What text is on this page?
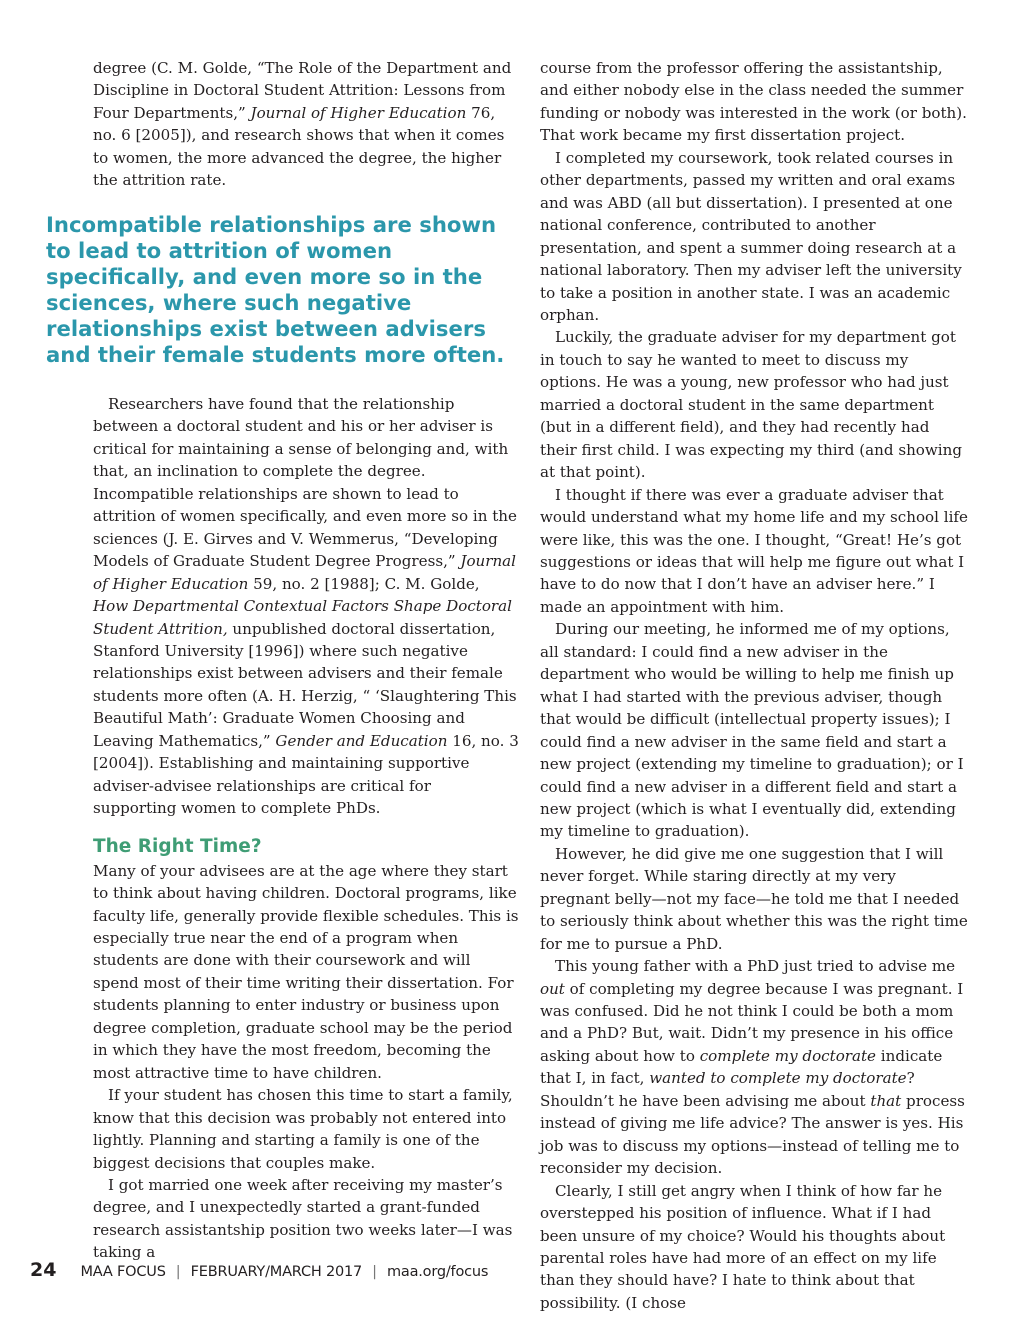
degree (C. M. Golde, “The Role of the Department and Discipline in Doctoral Student Attrition: Lessons from Four Departments,” Journal of Higher Education 76, no. 6 [2005]), and research shows that when it comes to women, the more advanced the degree, the higher the attrition rate.

Incompatible relationships are shown to lead to attrition of women specifically, and even more so in the sciences, where such negative relationships exist between advisers and their female students more often.

Researchers have found that the relationship between a doctoral student and his or her adviser is critical for maintaining a sense of belonging and, with that, an inclination to complete the degree. Incompatible relationships are shown to lead to attrition of women specifically, and even more so in the sciences (J. E. Girves and V. Wemmerus, “Developing Models of Graduate Student Degree Progress,” Journal of Higher Education 59, no. 2 [1988]; C. M. Golde, How Departmental Contextual Factors Shape Doctoral Student Attrition, unpublished doctoral dissertation, Stanford University [1996]) where such negative relationships exist between advisers and their female students more often (A. H. Herzig, “ ‘Slaughtering This Beautiful Math’: Graduate Women Choosing and Leaving Mathematics,” Gender and Education 16, no. 3 [2004]). Establishing and maintaining supportive adviser-advisee relationships are critical for supporting women to complete PhDs.

The Right Time?

Many of your advisees are at the age where they start to think about having children. Doctoral programs, like faculty life, generally provide flexible schedules. This is especially true near the end of a program when students are done with their coursework and will spend most of their time writing their dissertation. For students planning to enter industry or business upon degree completion, graduate school may be the period in which they have the most freedom, becoming the most attractive time to have children.

If your student has chosen this time to start a family, know that this decision was probably not entered into lightly. Planning and starting a family is one of the biggest decisions that couples make.

I got married one week after receiving my master’s degree, and I unexpectedly started a grant-funded research assistantship position two weeks later—I was taking a

course from the professor offering the assistantship, and either nobody else in the class needed the summer funding or nobody was interested in the work (or both). That work became my first dissertation project.

I completed my coursework, took related courses in other departments, passed my written and oral exams and was ABD (all but dissertation). I presented at one national conference, contributed to another presentation, and spent a summer doing research at a national laboratory. Then my adviser left the university to take a position in another state. I was an academic orphan.

Luckily, the graduate adviser for my department got in touch to say he wanted to meet to discuss my options. He was a young, new professor who had just married a doctoral student in the same department (but in a different field), and they had recently had their first child. I was expecting my third (and showing at that point).

I thought if there was ever a graduate adviser that would understand what my home life and my school life were like, this was the one. I thought, “Great! He’s got suggestions or ideas that will help me figure out what I have to do now that I don’t have an adviser here.” I made an appointment with him.

During our meeting, he informed me of my options, all standard: I could find a new adviser in the department who would be willing to help me finish up what I had started with the previous adviser, though that would be difficult (intellectual property issues); I could find a new adviser in the same field and start a new project (extending my timeline to graduation); or I could find a new adviser in a different field and start a new project (which is what I eventually did, extending my timeline to graduation).

However, he did give me one suggestion that I will never forget. While staring directly at my very pregnant belly—not my face—he told me that I needed to seriously think about whether this was the right time for me to pursue a PhD.

This young father with a PhD just tried to advise me out of completing my degree because I was pregnant. I was confused. Did he not think I could be both a mom and a PhD? But, wait. Didn’t my presence in his office asking about how to complete my doctorate indicate that I, in fact, wanted to complete my doctorate? Shouldn’t he have been advising me about that process instead of giving me life advice? The answer is yes. His job was to discuss my options—instead of telling me to reconsider my decision.

Clearly, I still get angry when I think of how far he overstepped his position of influence. What if I had been unsure of my choice? Would his thoughts about parental roles have had more of an effect on my life than they should have? I hate to think about that possibility. (I chose

24 MAA FOCUS | FEBRUARY/MARCH 2017 | maa.org/focus
